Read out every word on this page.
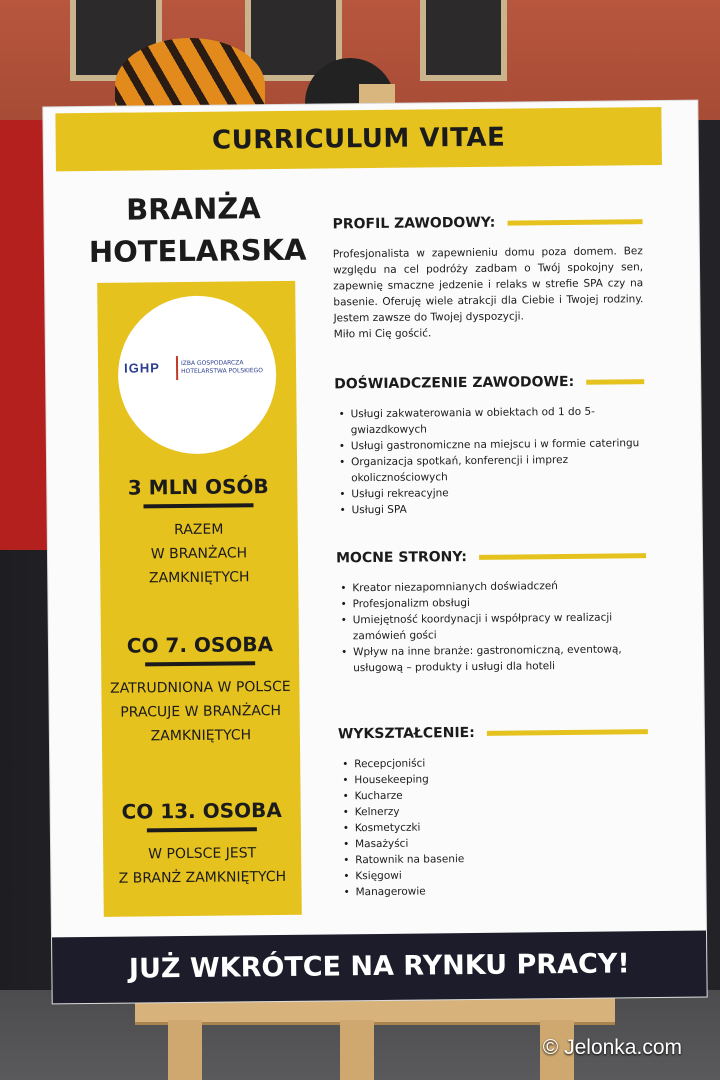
CURRICULUM VITAE
BRANŻA
HOTELARSKA
IGHP	IZBA GOSPODARCZA HOTELARSTWA POLSKIEGO
3 MLN OSÓB
RAZEM
W BRANŻACH
ZAMKNIĘTYCH
CO 7. OSOBA
ZATRUDNIONA W POLSCE
PRACUJE W BRANŻACH
ZAMKNIĘTYCH
CO 13. OSOBA
W POLSCE JEST
Z BRANŻ ZAMKNIĘTYCH
PROFIL ZAWODOWY:
Profesjonalista w zapewnieniu domu poza domem. Bez względu na cel podróży zadbam o Twój spokojny sen, zapewnię smaczne jedzenie i relaks w strefie SPA czy na basenie. Oferuję wiele atrakcji dla Ciebie i Twojej rodziny. Jestem zawsze do Twojej dyspozycji.
Miło mi Cię gościć.
DOŚWIADCZENIE ZAWODOWE:
• Usługi zakwaterowania w obiektach od 1 do 5-gwiazdkowych
• Usługi gastronomiczne na miejscu i w formie cateringu
• Organizacja spotkań, konferencji i imprez okolicznościowych
• Usługi rekreacyjne
• Usługi SPA
MOCNE STRONY:
• Kreator niezapomnianych doświadczeń
• Profesjonalizm obsługi
• Umiejętność koordynacji i współpracy w realizacji zamówień gości
• Wpływ na inne branże: gastronomiczną, eventową, usługową – produkty i usługi dla hoteli
WYKSZTAŁCENIE:
• Recepcjoniści
• Housekeeping
• Kucharze
• Kelnerzy
• Kosmetyczki
• Masażyści
• Ratownik na basenie
• Księgowi
• Managerowie
JUŻ WKRÓTCE NA RYNKU PRACY!
© Jelonka.com
